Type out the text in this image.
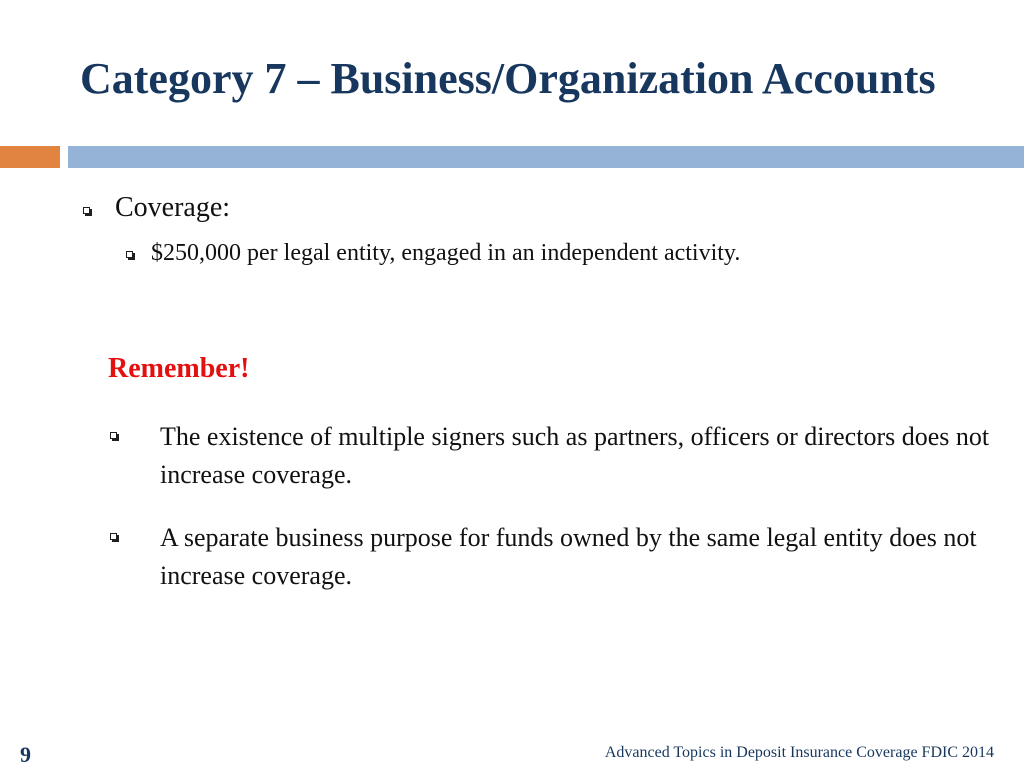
Category 7 – Business/Organization Accounts
Coverage:
$250,000 per legal entity, engaged in an independent activity.
Remember!
The existence of multiple signers such as partners, officers or directors does not increase coverage.
A separate business purpose for funds owned by the same legal entity does not increase coverage.
9	Advanced Topics in Deposit Insurance Coverage FDIC 2014
